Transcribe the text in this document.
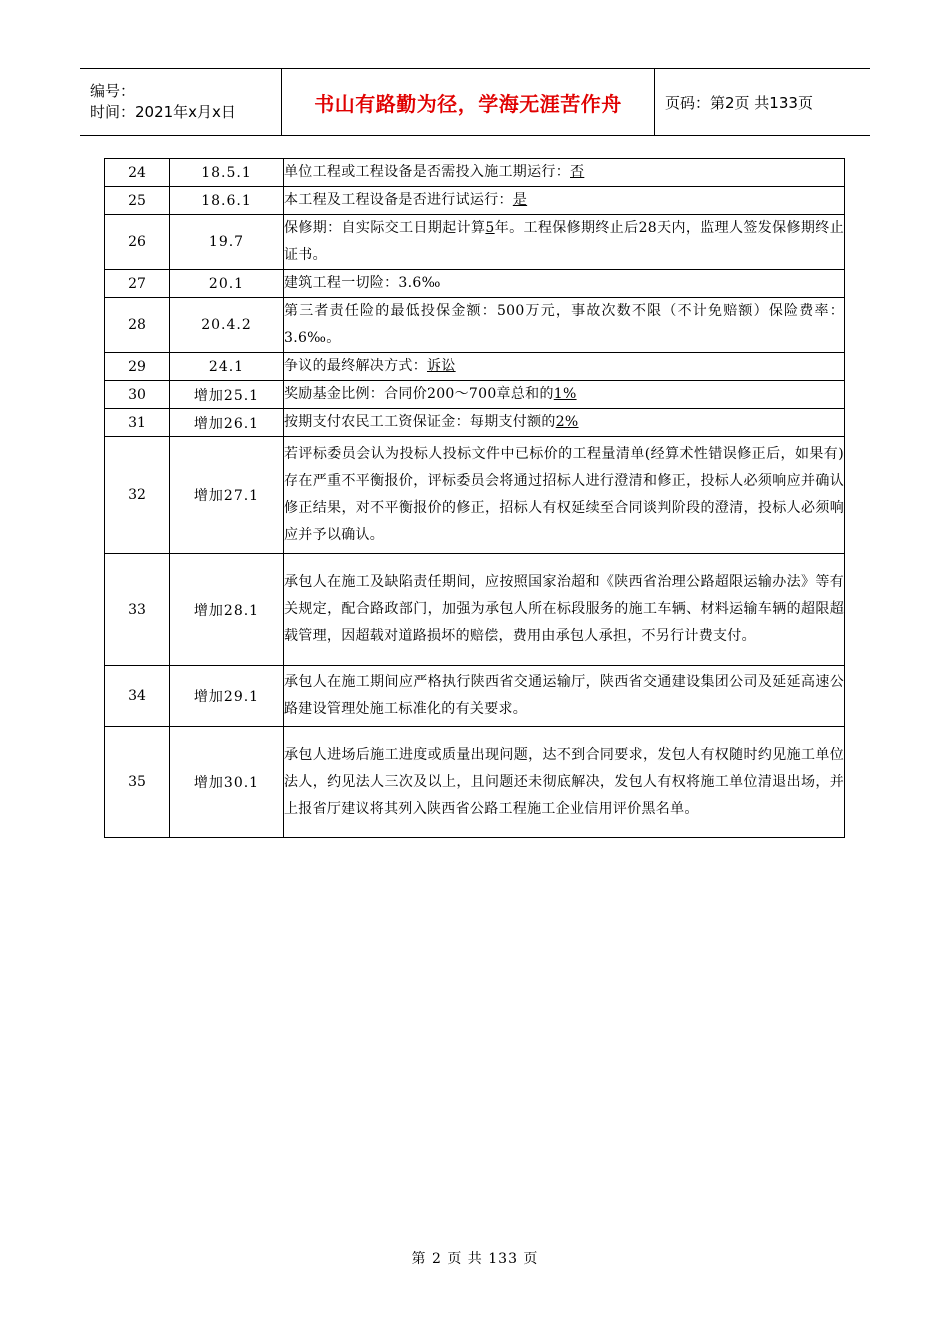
编号：
时间：2021年x月x日	书山有路勤为径，学海无涯苦作舟	页码：第2页 共133页
24	18.5.1	单位工程或工程设备是否需投入施工期运行：否
25	18.6.1	本工程及工程设备是否进行试运行：是
26	19.7	保修期：自实际交工日期起计算5年。工程保修期终止后28天内，监理人签发保修期终止证书。
27	20.1	建筑工程一切险：3.6‰
28	20.4.2	第三者责任险的最低投保金额：500万元，事故次数不限（不计免赔额）保险费率：3.6‰。
29	24.1	争议的最终解决方式：诉讼
30	增加25.1	奖励基金比例：合同价200～700章总和的1%
31	增加26.1	按期支付农民工工资保证金：每期支付额的2%
32	增加27.1	若评标委员会认为投标人投标文件中已标价的工程量清单(经算术性错误修正后，如果有)存在严重不平衡报价，评标委员会将通过招标人进行澄清和修正，投标人必须响应并确认修正结果，对不平衡报价的修正，招标人有权延续至合同谈判阶段的澄清，投标人必须响应并予以确认。
33	增加28.1	承包人在施工及缺陷责任期间，应按照国家治超和《陕西省治理公路超限运输办法》等有关规定，配合路政部门，加强为承包人所在标段服务的施工车辆、材料运输车辆的超限超载管理，因超载对道路损坏的赔偿，费用由承包人承担，不另行计费支付。
34	增加29.1	承包人在施工期间应严格执行陕西省交通运输厅，陕西省交通建设集团公司及延延高速公路建设管理处施工标准化的有关要求。
35	增加30.1	承包人进场后施工进度或质量出现问题，达不到合同要求，发包人有权随时约见施工单位法人，约见法人三次及以上，且问题还未彻底解决，发包人有权将施工单位清退出场，并上报省厅建议将其列入陕西省公路工程施工企业信用评价黑名单。
第 2 页 共 133 页
